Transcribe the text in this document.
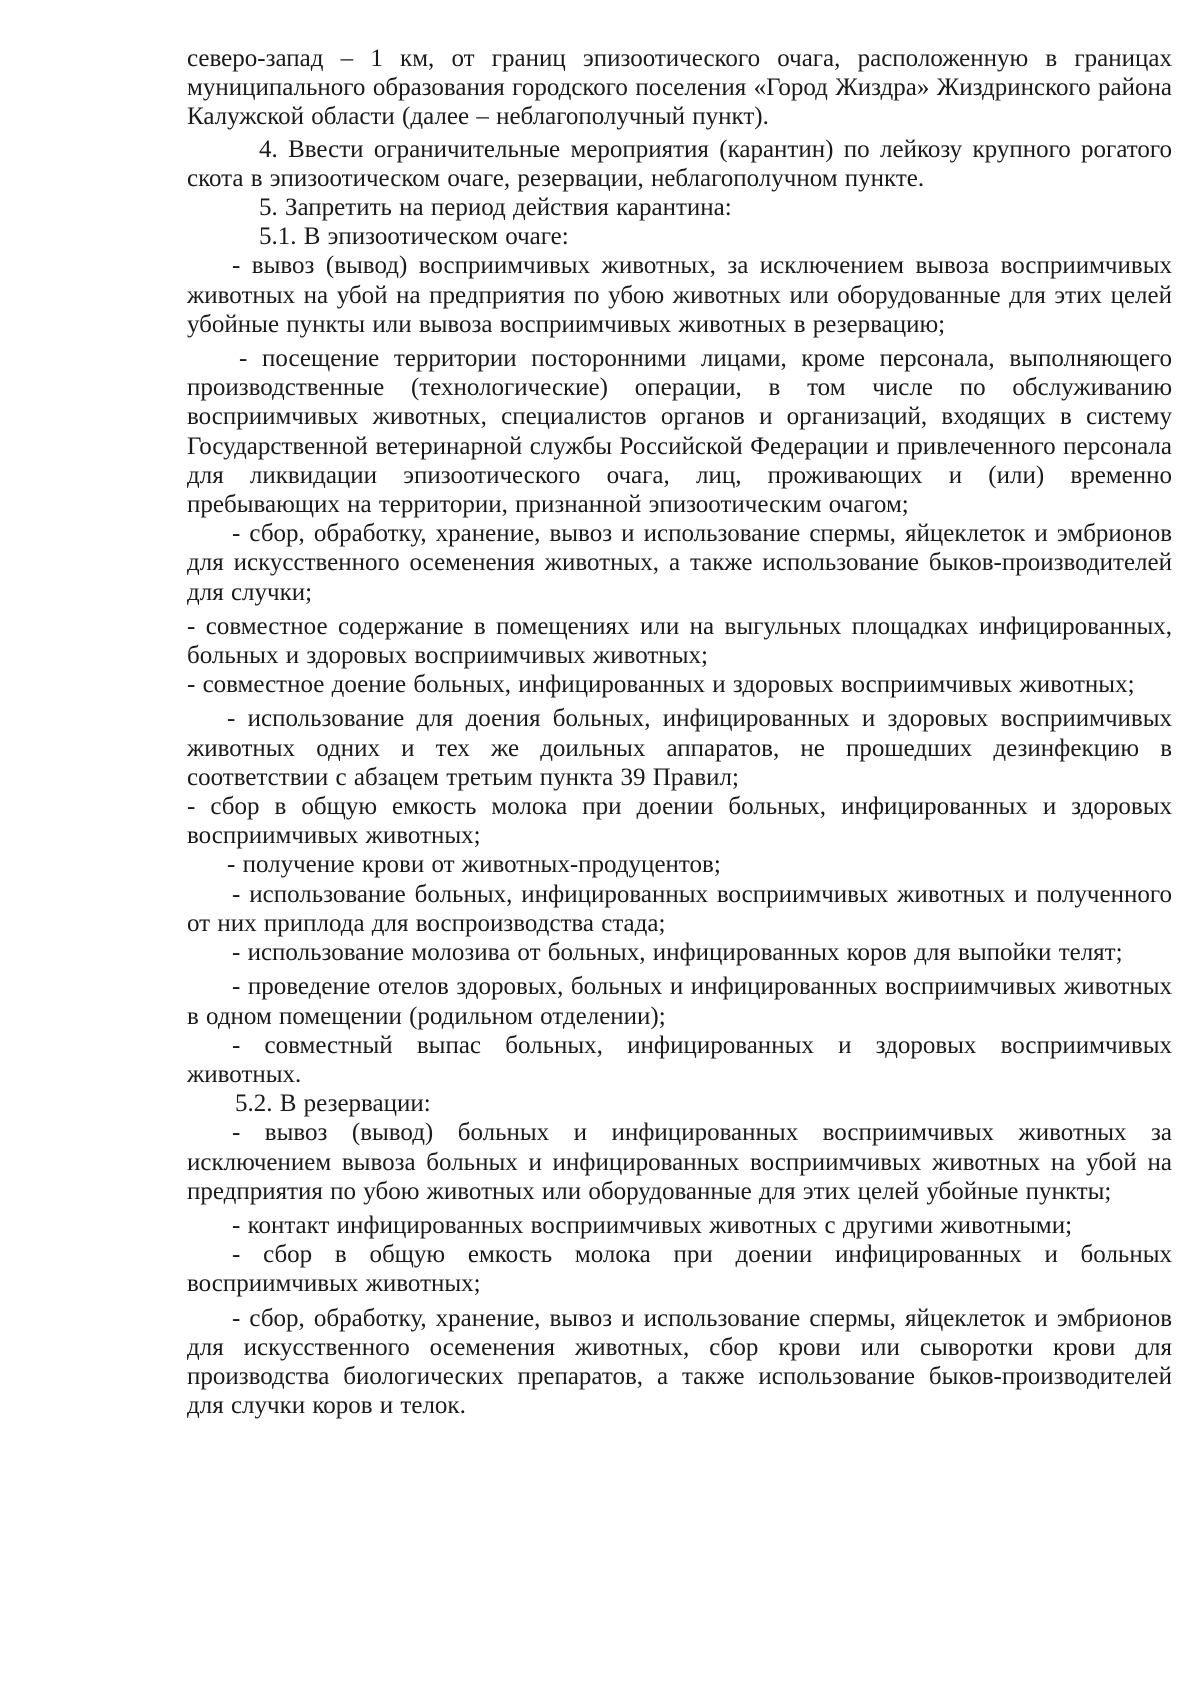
северо-запад – 1 км, от границ эпизоотического очага, расположенную в границах муниципального образования городского поселения «Город Жиздра» Жиздринского района Калужской области (далее – неблагополучный пункт).

4. Ввести ограничительные мероприятия (карантин) по лейкозу крупного рогатого скота в эпизоотическом очаге, резервации, неблагополучном пункте.

5. Запретить на период действия карантина:

5.1. В эпизоотическом очаге:

- вывоз (вывод) восприимчивых животных, за исключением вывоза восприимчивых животных на убой на предприятия по убою животных или оборудованные для этих целей убойные пункты или вывоза восприимчивых животных в резервацию;

- посещение территории посторонними лицами, кроме персонала, выполняющего производственные (технологические) операции, в том числе по обслуживанию восприимчивых животных, специалистов органов и организаций, входящих в систему Государственной ветеринарной службы Российской Федерации и привлеченного персонала для ликвидации эпизоотического очага, лиц, проживающих и (или) временно пребывающих на территории, признанной эпизоотическим очагом;

- сбор, обработку, хранение, вывоз и использование спермы, яйцеклеток и эмбрионов для искусственного осеменения животных, а также использование быков-производителей для случки;

- совместное содержание в помещениях или на выгульных площадках инфицированных, больных и здоровых восприимчивых животных;

- совместное доение больных, инфицированных и здоровых восприимчивых животных;

- использование для доения больных, инфицированных и здоровых восприимчивых животных одних и тех же доильных аппаратов, не прошедших дезинфекцию в соответствии с абзацем третьим пункта 39 Правил;

- сбор в общую емкость молока при доении больных, инфицированных и здоровых восприимчивых животных;

- получение крови от животных-продуцентов;

- использование больных, инфицированных восприимчивых животных и полученного от них приплода для воспроизводства стада;

- использование молозива от больных, инфицированных коров для выпойки телят;

- проведение отелов здоровых, больных и инфицированных восприимчивых животных в одном помещении (родильном отделении);

- совместный выпас больных, инфицированных и здоровых восприимчивых животных.

5.2. В резервации:

- вывоз (вывод) больных и инфицированных восприимчивых животных за исключением вывоза больных и инфицированных восприимчивых животных на убой на предприятия по убою животных или оборудованные для этих целей убойные пункты;

- контакт инфицированных восприимчивых животных с другими животными;

- сбор в общую емкость молока при доении инфицированных и больных восприимчивых животных;

- сбор, обработку, хранение, вывоз и использование спермы, яйцеклеток и эмбрионов для искусственного осеменения животных, сбор крови или сыворотки крови для производства биологических препаратов, а также использование быков-производителей для случки коров и телок.
